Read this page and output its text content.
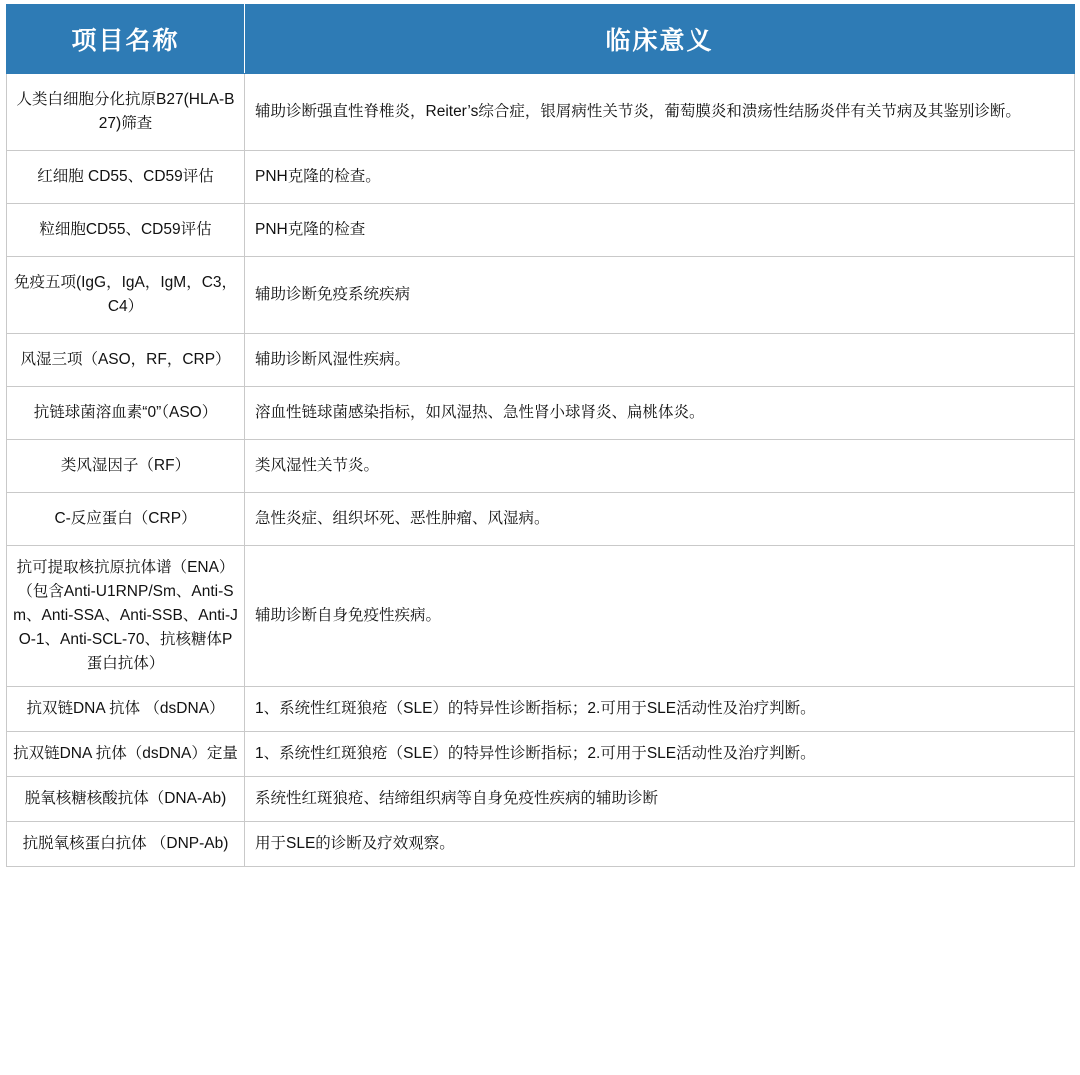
项目名称	临床意义
人类白细胞分化抗原B27(HLA-B27)筛查	辅助诊断强直性脊椎炎，Reiter’s综合症，银屑病性关节炎，葡萄膜炎和溃疡性结肠炎伴有关节病及其鉴别诊断。
红细胞 CD55、CD59评估	PNH克隆的检查。
粒细胞CD55、CD59评估	PNH克隆的检查
免疫五项(IgG，IgA，IgM，C3，C4）	辅助诊断免疫系统疾病
风湿三项（ASO，RF，CRP）	辅助诊断风湿性疾病。
抗链球菌溶血素“0”（ASO）	溶血性链球菌感染指标，如风湿热、急性肾小球肾炎、扁桃体炎。
类风湿因子（RF）	类风湿性关节炎。
C-反应蛋白（CRP）	急性炎症、组织坏死、恶性肿瘤、风湿病。
抗可提取核抗原抗体谱（ENA）（包含Anti-U1RNP/Sm、Anti-Sm、Anti-SSA、Anti-SSB、Anti-JO-1、Anti-SCL-70、抗核糖体P蛋白抗体）	辅助诊断自身免疫性疾病。
抗双链DNA 抗体 （dsDNA）	1、系统性红斑狼疮（SLE）的特异性诊断指标；2.可用于SLE活动性及治疗判断。
抗双链DNA 抗体（dsDNA）定量	1、系统性红斑狼疮（SLE）的特异性诊断指标；2.可用于SLE活动性及治疗判断。
脱氧核糖核酸抗体（DNA-Ab)	系统性红斑狼疮、结缔组织病等自身免疫性疾病的辅助诊断
抗脱氧核蛋白抗体 （DNP-Ab)	用于SLE的诊断及疗效观察。
